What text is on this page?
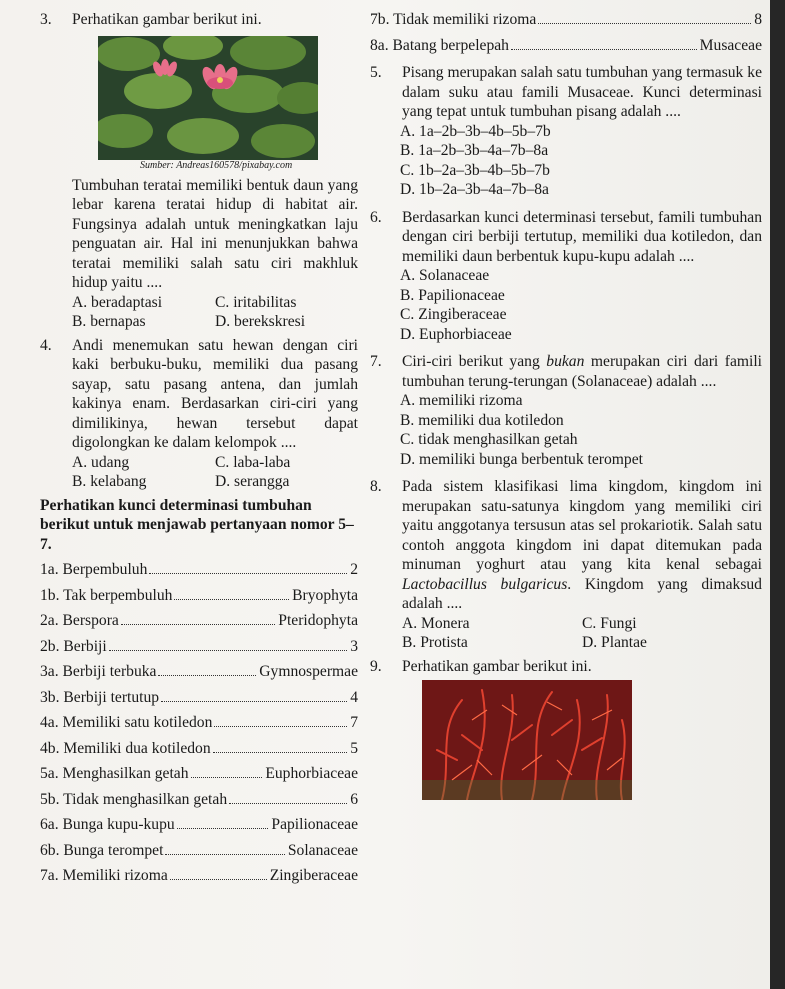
3. Perhatikan gambar berikut ini.

Sumber: Andreas160578/pixabay.com

Tumbuhan teratai memiliki bentuk daun yang lebar karena teratai hidup di habitat air. Fungsinya adalah untuk meningkatkan laju penguatan air. Hal ini menunjukkan bahwa teratai memiliki salah satu ciri makhluk hidup yaitu ....

A. beradaptasi	C. iritabilitas
B. bernapas	D. berekskresi
4. Andi menemukan satu hewan dengan ciri kaki berbuku-buku, memiliki dua pasang sayap, satu pasang antena, dan jumlah kakinya enam. Berdasarkan ciri-ciri yang dimilikinya, hewan tersebut dapat digolongkan ke dalam kelompok ....

A. udang	C. laba-laba
B. kelabang	D. serangga

Perhatikan kunci determinasi tumbuhan berikut untuk menjawab pertanyaan nomor 5–7.

1a. Berpembuluh	2
1b. Tak berpembuluh	Bryophyta
2a. Berspora	Pteridophyta
2b. Berbiji	3
3a. Berbiji terbuka	Gymnospermae
3b. Berbiji tertutup	4
4a. Memiliki satu kotiledon	7
4b. Memiliki dua kotiledon	5
5a. Menghasilkan getah	Euphorbiaceae
5b. Tidak menghasilkan getah	6
6a. Bunga kupu-kupu	Papilionaceae
6b. Bunga terompet	Solanaceae
7a. Memiliki rizoma	Zingiberaceae
7b. Tidak memiliki rizoma	8
8a. Batang berpelepah	Musaceae
5. Pisang merupakan salah satu tumbuhan yang termasuk ke dalam suku atau famili Musaceae. Kunci determinasi yang tepat untuk tumbuhan pisang adalah ....

A. 1a–2b–3b–4b–5b–7b
B. 1a–2b–3b–4a–7b–8a
C. 1b–2a–3b–4b–5b–7b
D. 1b–2a–3b–4a–7b–8a
6. Berdasarkan kunci determinasi tersebut, famili tumbuhan dengan ciri berbiji tertutup, memiliki dua kotiledon, dan memiliki daun berbentuk kupu-kupu adalah ....

A. Solanaceae
B. Papilionaceae
C. Zingiberaceae
D. Euphorbiaceae
7. Ciri-ciri berikut yang bukan merupakan ciri dari famili tumbuhan terung-terungan (Solanaceae) adalah ....

A. memiliki rizoma
B. memiliki dua kotiledon
C. tidak menghasilkan getah
D. memiliki bunga berbentuk terompet
8. Pada sistem klasifikasi lima kingdom, kingdom ini merupakan satu-satunya kingdom yang memiliki ciri yaitu anggotanya tersusun atas sel prokariotik. Salah satu contoh anggota kingdom ini dapat ditemukan pada minuman yoghurt atau yang kita kenal sebagai Lactobacillus bulgaricus. Kingdom yang dimaksud adalah ....

A. Monera	C. Fungi
B. Protista	D. Plantae
9. Perhatikan gambar berikut ini.
